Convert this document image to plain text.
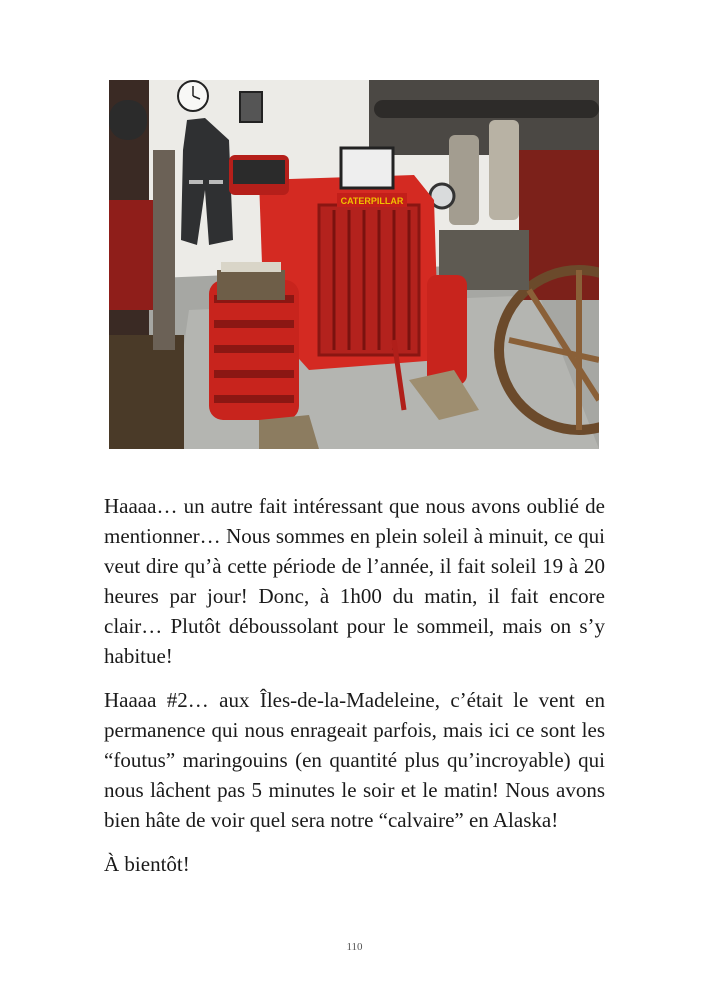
CATERPILLAR

Haaaa… un autre fait intéressant que nous avons oublié de mentionner… Nous sommes en plein soleil à minuit, ce qui veut dire qu’à cette période de l’année, il fait soleil 19 à 20 heures par jour! Donc, à 1h00 du matin, il fait encore clair… Plutôt déboussolant pour le sommeil, mais on s’y habitue!

Haaaa #2… aux Îles-de-la-Madeleine, c’était le vent en permanence qui nous enrageait parfois, mais ici ce sont les “foutus” maringouins (en quantité plus qu’incroyable) qui nous lâchent pas 5 minutes le soir et le matin! Nous avons bien hâte de voir quel sera notre “calvaire” en Alaska!

À bientôt!

110
